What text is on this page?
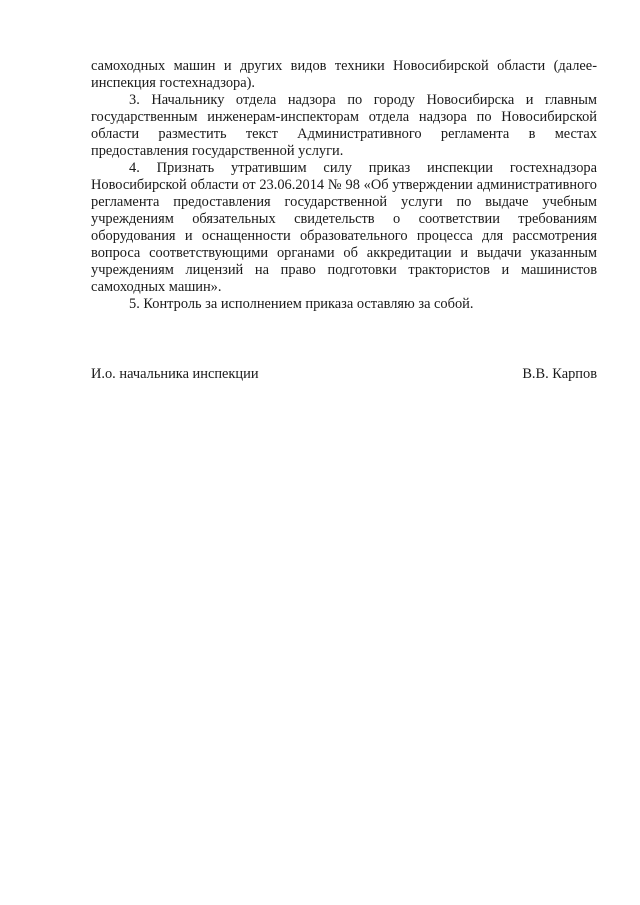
самоходных машин и других видов техники Новосибирской области (далее-инспекция гостехнадзора).

3. Начальнику отдела надзора по городу Новосибирска и главным государственным инженерам-инспекторам отдела надзора по Новосибирской области разместить текст Административного регламента в местах предоставления государственной услуги.

4. Признать утратившим силу приказ инспекции гостехнадзора Новосибирской области от 23.06.2014 № 98 «Об утверждении административного регламента предоставления государственной услуги по выдаче учебным учреждениям обязательных свидетельств о соответствии требованиям оборудования и оснащенности образовательного процесса для рассмотрения вопроса соответствующими органами об аккредитации и выдачи указанным учреждениям лицензий на право подготовки трактористов и машинистов самоходных машин».

5. Контроль за исполнением приказа оставляю за собой.

И.о. начальника инспекции	В.В. Карпов
